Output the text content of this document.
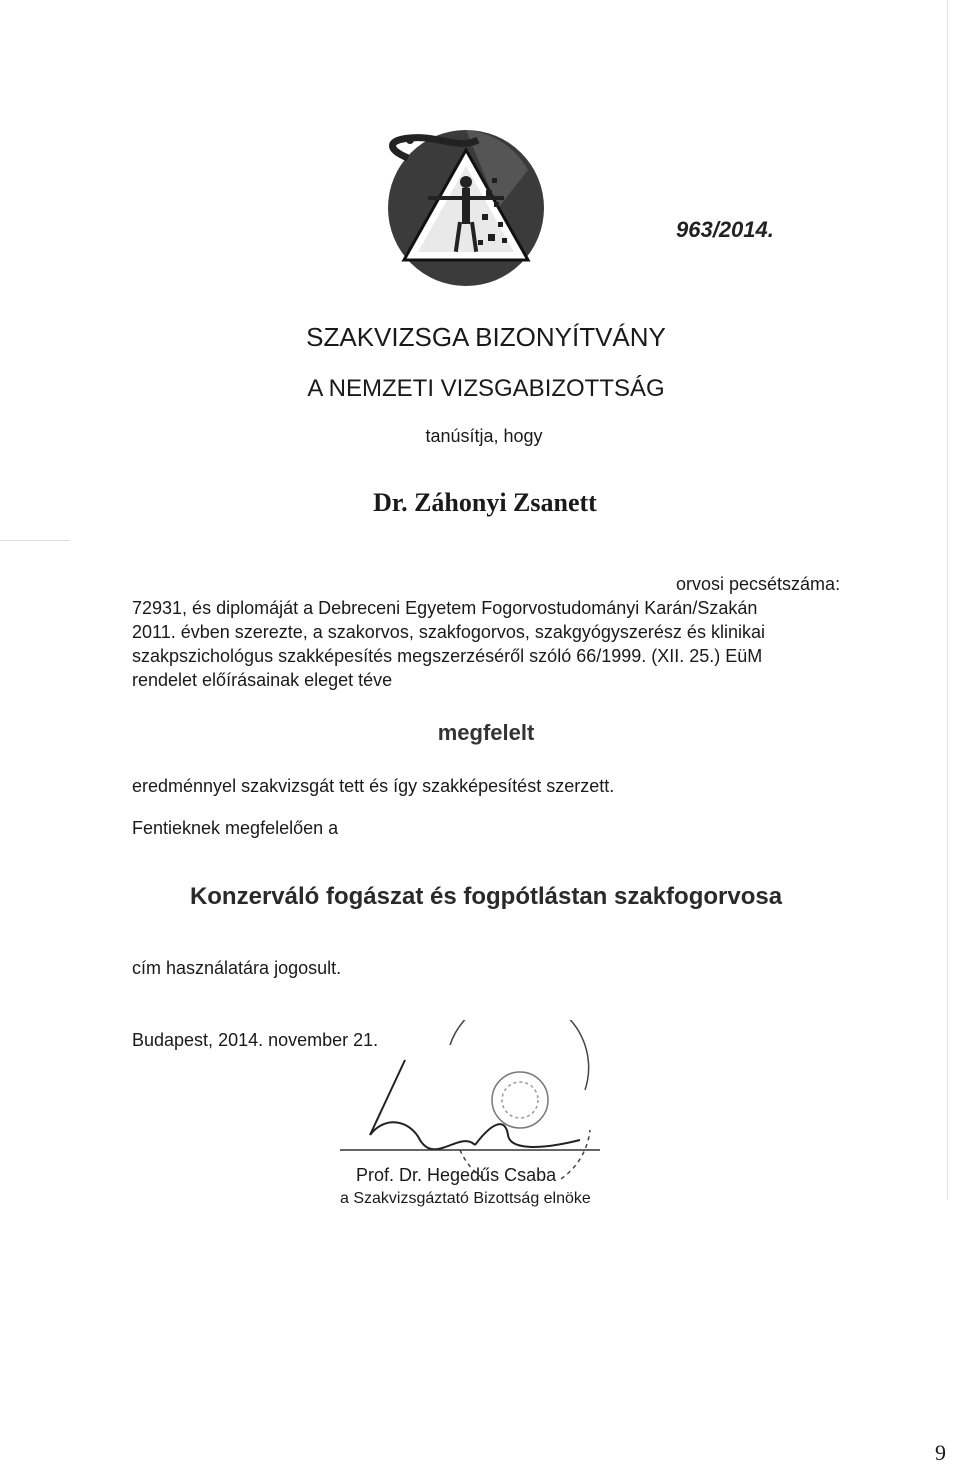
963/2014.
SZAKVIZSGA BIZONYÍTVÁNY
A NEMZETI VIZSGABIZOTTSÁG
tanúsítja, hogy
Dr. Záhonyi Zsanett
orvosi pecsétszáma:
72931, és diplomáját a Debreceni Egyetem Fogorvostudományi Karán/Szakán
2011. évben szerezte, a szakorvos, szakfogorvos, szakgyógyszerész és klinikai
szakpszichológus szakképesítés megszerzéséről szóló 66/1999. (XII. 25.) EüM
rendelet előírásainak eleget téve
megfelelt
eredménnyel szakvizsgát tett és így szakképesítést szerzett.
Fentieknek megfelelően a
Konzerváló fogászat és fogpótlástan szakfogorvosa
cím használatára jogosult.
Budapest, 2014. november 21.
Prof. Dr. Hegedűs Csaba
a Szakvizsgáztató Bizottság elnöke
9
